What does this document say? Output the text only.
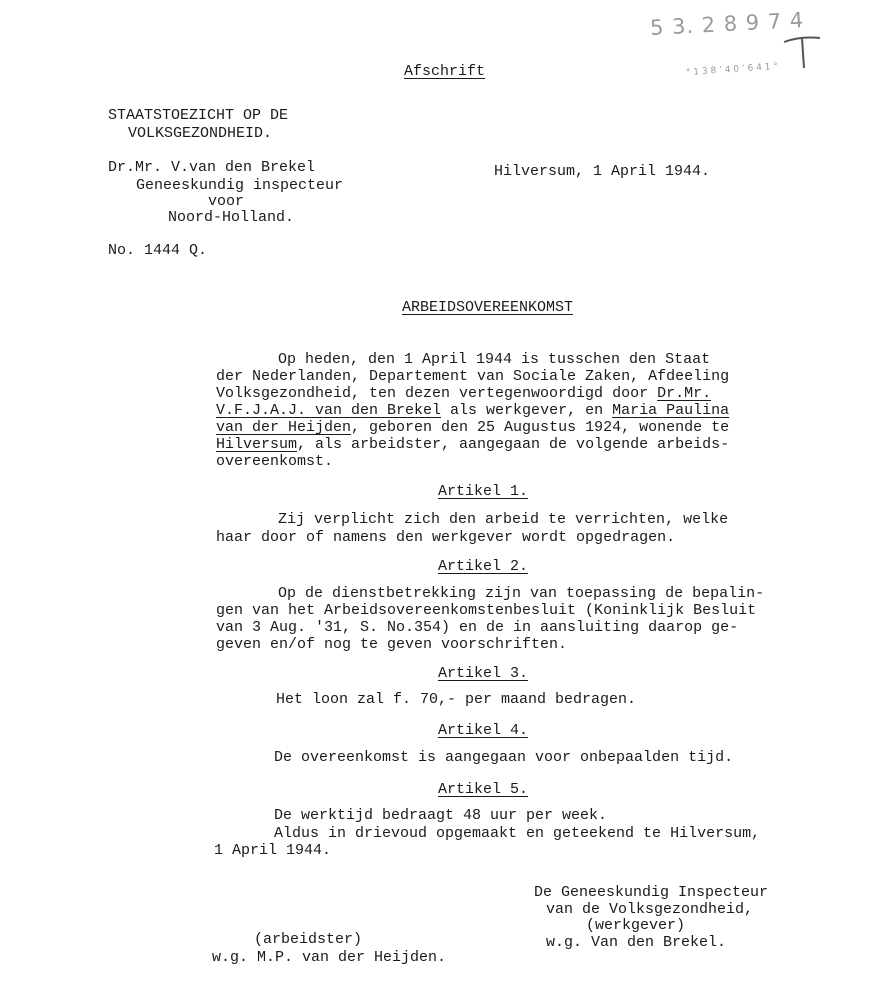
5 3. 2 8 9 7 4
° 1 3 8 ’ 4 0 ’ 6 4 1 °
Afschrift
STAATSTOEZICHT OP DE
VOLKSGEZONDHEID.
Dr.Mr. V.van den Brekel
Geneeskundig inspecteur
voor
Noord-Holland.
Hilversum, 1 April 1944.
No. 1444 Q.
ARBEIDSOVEREENKOMST
Op heden, den 1 April 1944 is tusschen den Staat
der Nederlanden, Departement van Sociale Zaken, Afdeeling
Volksgezondheid, ten dezen vertegenwoordigd door Dr.Mr.
V.F.J.A.J. van den Brekel als werkgever, en Maria Paulina
van der Heijden, geboren den 25 Augustus 1924, wonende te
Hilversum, als arbeidster, aangegaan de volgende arbeids-
overeenkomst.
Artikel 1.
Zij verplicht zich den arbeid te verrichten, welke
haar door of namens den werkgever wordt opgedragen.
Artikel 2.
Op de dienstbetrekking zijn van toepassing de bepalin-
gen van het Arbeidsovereenkomstenbesluit (Koninklijk Besluit
van 3 Aug. '31, S. No.354) en de in aansluiting daarop ge-
geven en/of nog te geven voorschriften.
Artikel 3.
Het loon zal f. 70,- per maand bedragen.
Artikel 4.
De overeenkomst is aangegaan voor onbepaalden tijd.
Artikel 5.
De werktijd bedraagt 48 uur per week.
Aldus in drievoud opgemaakt en geteekend te Hilversum,
1 April 1944.
De Geneeskundig Inspecteur
van de Volksgezondheid,
(werkgever)
w.g. Van den Brekel.
(arbeidster)
w.g. M.P. van der Heijden.
